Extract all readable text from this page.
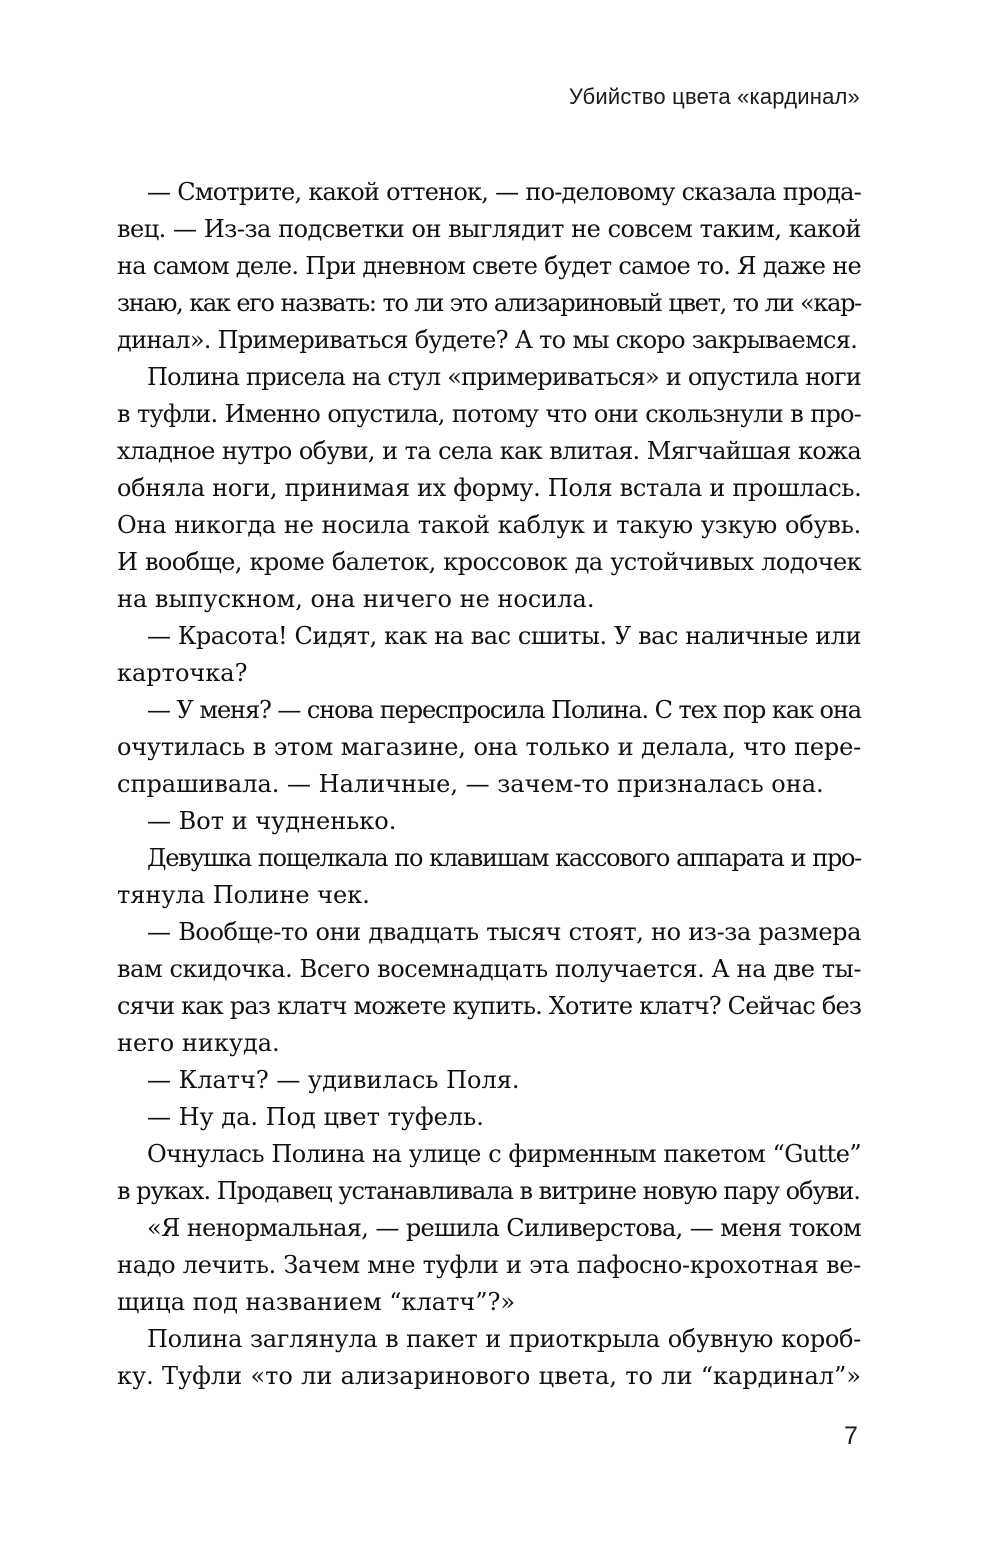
Убийство цвета «кардинал»
— Смотрите, какой оттенок, — по-деловому сказала прода-
вец. — Из-за подсветки он выглядит не совсем таким, какой
на самом деле. При дневном свете будет самое то. Я даже не
знаю, как его назвать: то ли это ализариновый цвет, то ли «кар-
динал». Примериваться будете? А то мы скоро закрываемся.
Полина присела на стул «примериваться» и опустила ноги
в туфли. Именно опустила, потому что они скользнули в про-
хладное нутро обуви, и та села как влитая. Мягчайшая кожа
обняла ноги, принимая их форму. Поля встала и прошлась.
Она никогда не носила такой каблук и такую узкую обувь.
И вообще, кроме балеток, кроссовок да устойчивых лодочек
на выпускном, она ничего не носила.
— Красота! Сидят, как на вас сшиты. У вас наличные или
карточка?
— У меня? — снова переспросила Полина. С тех пор как она
очутилась в этом магазине, она только и делала, что пере-
спрашивала. — Наличные, — зачем-то призналась она.
— Вот и чудненько.
Девушка пощелкала по клавишам кассового аппарата и про-
тянула Полине чек.
— Вообще-то они двадцать тысяч стоят, но из-за размера
вам скидочка. Всего восемнадцать получается. А на две ты-
сячи как раз клатч можете купить. Хотите клатч? Сейчас без
него никуда.
— Клатч? — удивилась Поля.
— Ну да. Под цвет туфель.
Очнулась Полина на улице с фирменным пакетом “Gutte”
в руках. Продавец устанавливала в витрине новую пару обуви.
«Я ненормальная, — решила Силиверстова, — меня током
надо лечить. Зачем мне туфли и эта пафосно-крохотная ве-
щица под названием “клатч”?»
Полина заглянула в пакет и приоткрыла обувную короб-
ку. Туфли «то ли ализаринового цвета, то ли “кардинал”»
7
